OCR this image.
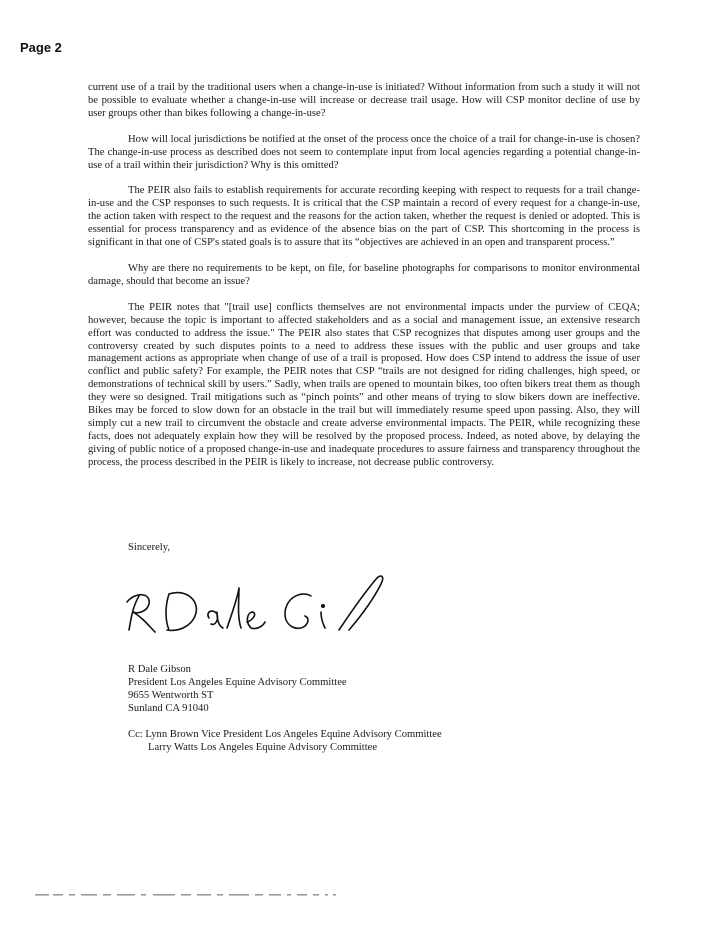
Page 2

current use of a trail by the traditional users when a change-in-use is initiated? Without information from such a study it will not be possible to evaluate whether a change-in-use will increase or decrease trail usage. How will CSP monitor decline of use by user groups other than bikes following a change-in-use?

How will local jurisdictions be notified at the onset of the process once the choice of a trail for change-in-use is chosen? The change-in-use process as described does not seem to contemplate input from local agencies regarding a potential change-in-use of a trail within their jurisdiction? Why is this omitted?

The PEIR also fails to establish requirements for accurate recording keeping with respect to requests for a trail change-in-use and the CSP responses to such requests. It is critical that the CSP maintain a record of every request for a change-in-use, the action taken with respect to the request and the reasons for the action taken, whether the request is denied or adopted. This is essential for process transparency and as evidence of the absence bias on the part of CSP. This shortcoming in the process is significant in that one of CSP's stated goals is to assure that its “objectives are achieved in an open and transparent process.”

Why are there no requirements to be kept, on file, for baseline photographs for comparisons to monitor environmental damage, should that become an issue?

The PEIR notes that "[trail use] conflicts themselves are not environmental impacts under the purview of CEQA; however, because the topic is important to affected stakeholders and as a social and management issue, an extensive research effort was conducted to address the issue." The PEIR also states that CSP recognizes that disputes among user groups and the controversy created by such disputes points to a need to address these issues with the public and user groups and take management actions as appropriate when change of use of a trail is proposed. How does CSP intend to address the issue of user conflict and public safety? For example, the PEIR notes that CSP “trails are not designed for riding challenges, high speed, or demonstrations of technical skill by users.” Sadly, when trails are opened to mountain bikes, too often bikers treat them as though they were so designed. Trail mitigations such as “pinch points” and other means of trying to slow bikers down are ineffective. Bikes may be forced to slow down for an obstacle in the trail but will immediately resume speed upon passing. Also, they will simply cut a new trail to circumvent the obstacle and create adverse environmental impacts. The PEIR, while recognizing these facts, does not adequately explain how they will be resolved by the proposed process. Indeed, as noted above, by delaying the giving of public notice of a proposed change-in-use and inadequate procedures to assure fairness and transparency throughout the process, the process described in the PEIR is likely to increase, not decrease public controversy.

Sincerely,
R Dale Gibson
President Los Angeles Equine Advisory Committee
9655 Wentworth ST
Sunland CA 91040
Cc: Lynn Brown Vice President Los Angeles Equine Advisory Committee
Larry Watts Los Angeles Equine Advisory Committee
